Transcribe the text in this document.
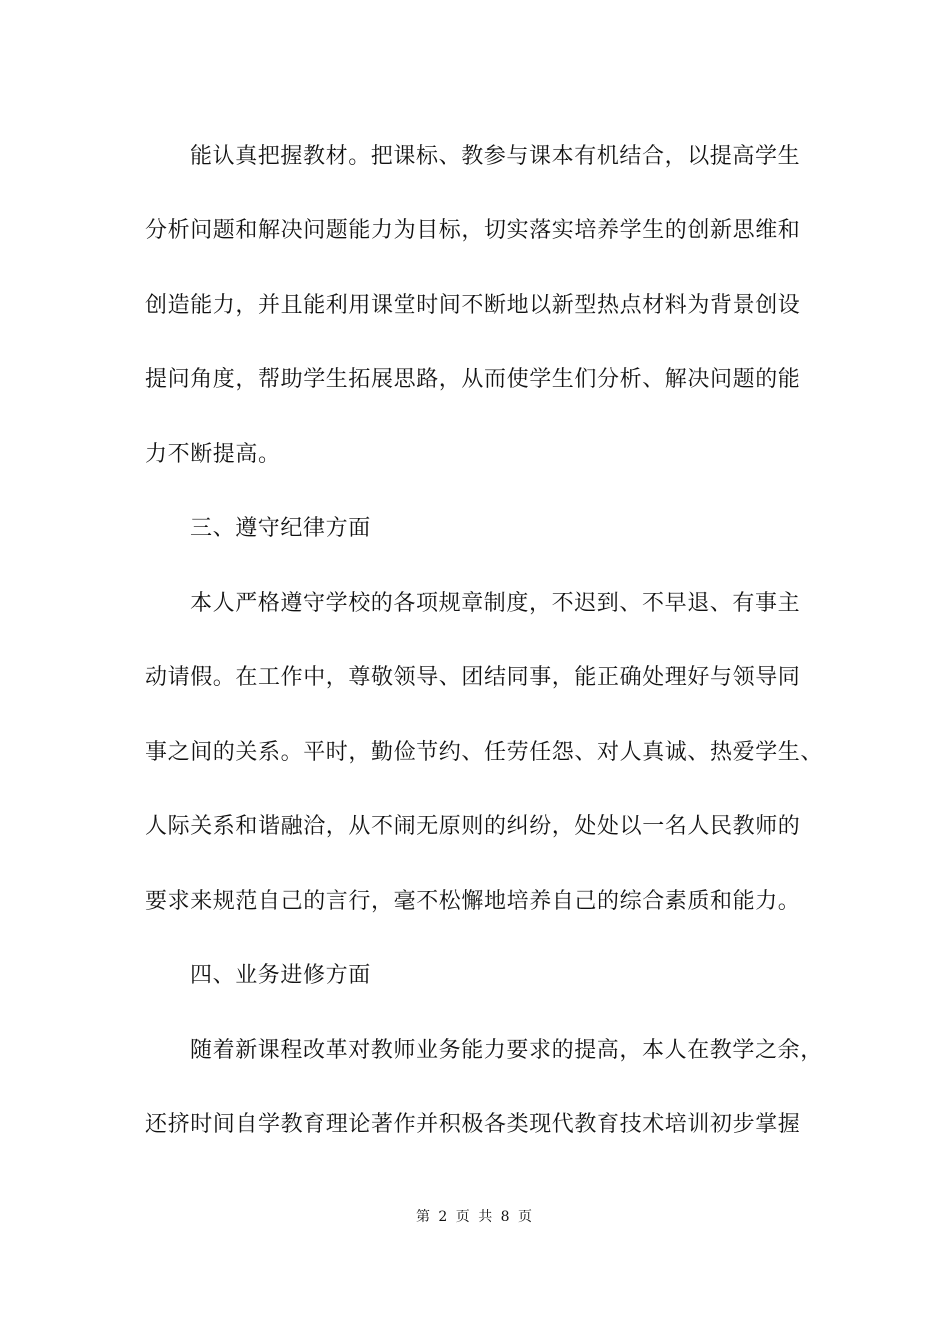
能认真把握教材。把课标、教参与课本有机结合，以提高学生
分析问题和解决问题能力为目标，切实落实培养学生的创新思维和
创造能力，并且能利用课堂时间不断地以新型热点材料为背景创设
提问角度，帮助学生拓展思路，从而使学生们分析、解决问题的能
力不断提高。
三、遵守纪律方面
本人严格遵守学校的各项规章制度，不迟到、不早退、有事主
动请假。在工作中，尊敬领导、团结同事，能正确处理好与领导同
事之间的关系。平时，勤俭节约、任劳任怨、对人真诚、热爱学生、
人际关系和谐融洽，从不闹无原则的纠纷，处处以一名人民教师的
要求来规范自己的言行，毫不松懈地培养自己的综合素质和能力。
四、业务进修方面
随着新课程改革对教师业务能力要求的提高，本人在教学之余，
还挤时间自学教育理论著作并积极各类现代教育技术培训初步掌握
第 2 页 共 8 页
